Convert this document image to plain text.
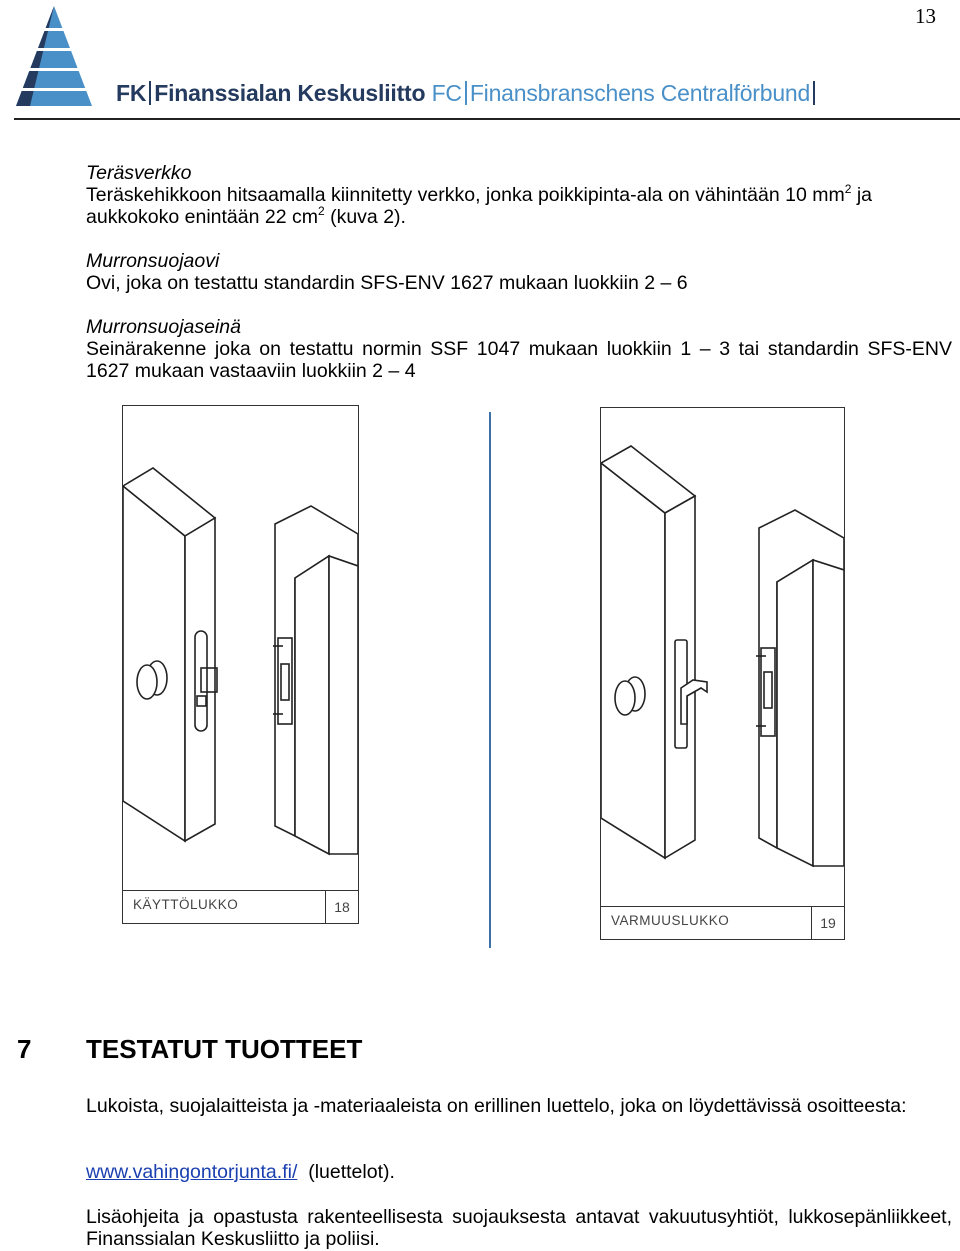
13
FK Finanssialan Keskusliitto FC Finansbranschens Centralförbund
Teräsverkko
Teräskehikkoon hitsaamalla kiinnitetty verkko, jonka poikkipinta-ala on vähintään 10 $mm^2$ ja
aukkokoko enintään 22 $cm^2$ (kuva 2).
Murronsuojaovi
Ovi, joka on testattu standardin SFS-ENV 1627 mukaan luokkiin 2 – 6
Murronsuojaseinä
Seinärakenne joka on testattu normin SSF 1047 mukaan luokkiin 1 – 3 tai standardin SFS-ENV 1627 mukaan vastaaviin luokkiin 2 – 4
KÄYTTÖLUKKO	18
VARMUUSLUKKO	19
7 TESTATUT TUOTTEET
Lukoista, suojalaitteista ja -materiaaleista on erillinen luettelo, joka on löydettävissä osoitteesta:
www.vahingontorjunta.fi/  (luettelot).
Lisäohjeita ja opastusta rakenteellisesta suojauksesta antavat vakuutusyhtiöt, lukkosepänliikkeet, Finanssialan Keskusliitto ja poliisi.
